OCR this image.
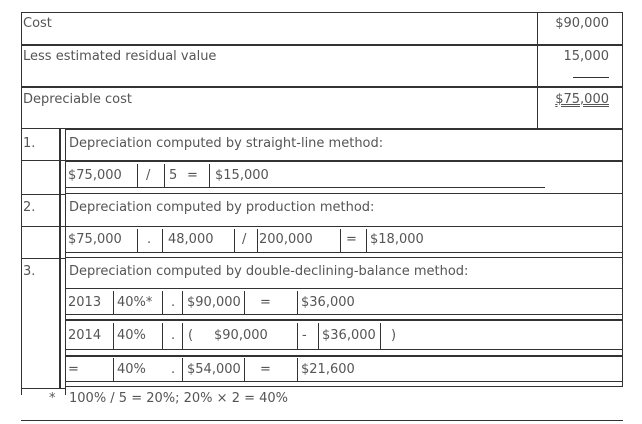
Cost	$90,000
Less estimated residual value	15,000
Depreciable cost	$75,000
1.	Depreciation computed by straight-line method:
$75,000 / 5 = $15,000
2.	Depreciation computed by production method:
$75,000 . 48,000 / 200,000	= $18,000
3.	Depreciation computed by double-declining-balance method:
2013 40%* . $90,000 = $36,000
2014 40% . ( $90,000	- $36,000 )
=	40% . $54,000 = $21,600
* 100% / 5 = 20%; 20% × 2 = 40%
